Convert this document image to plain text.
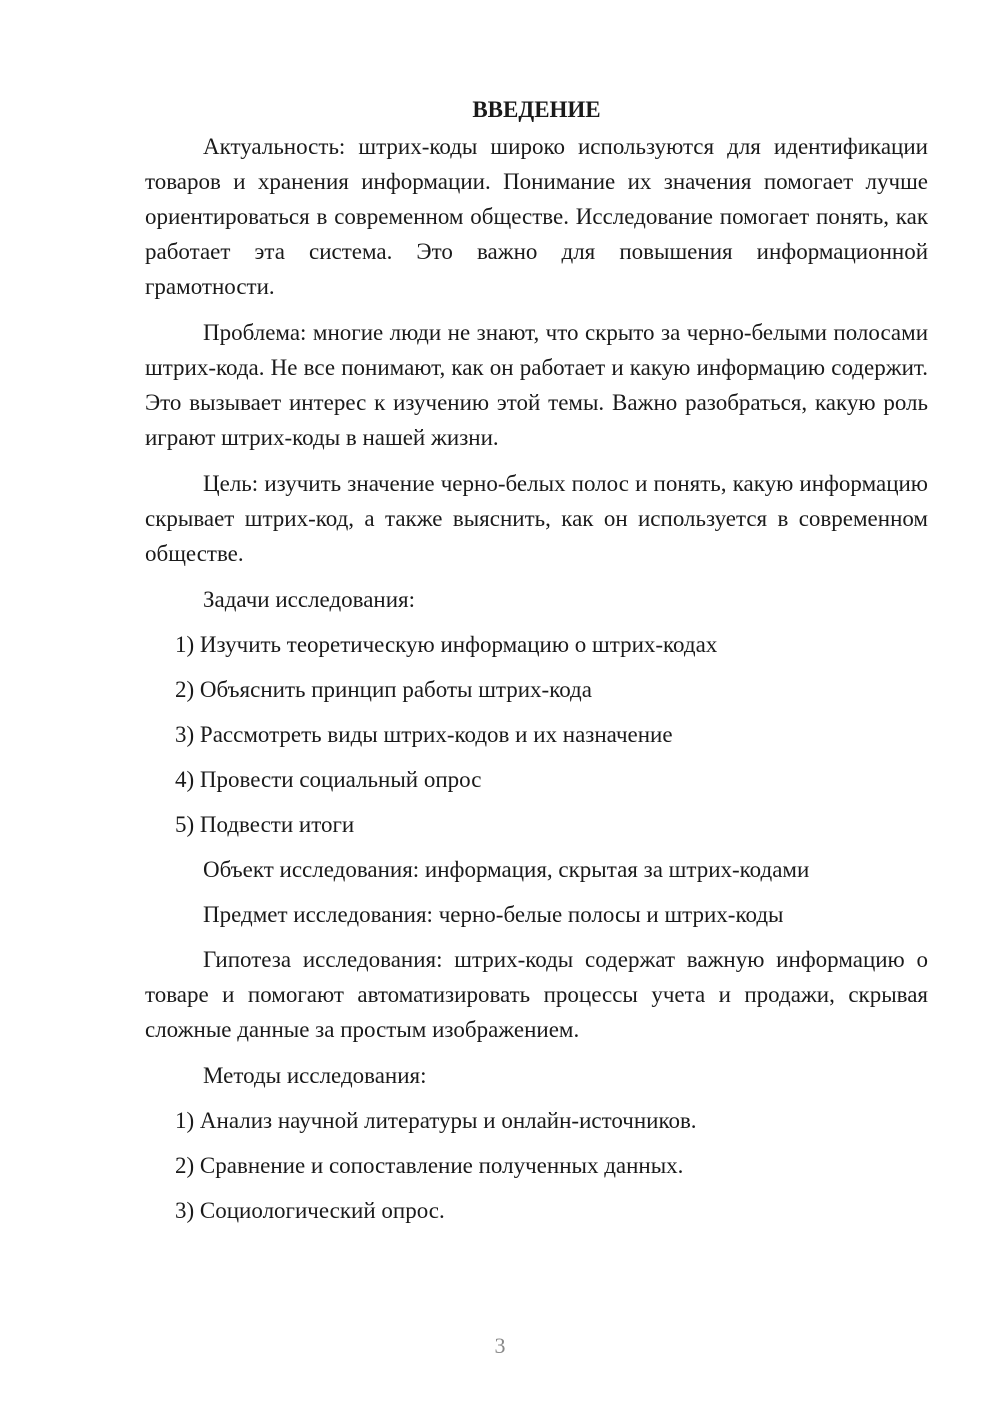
ВВЕДЕНИЕ

Актуальность: штрих-коды широко используются для идентификации товаров и хранения информации. Понимание их значения помогает лучше ориентироваться в современном обществе. Исследование помогает понять, как работает эта система. Это важно для повышения информационной грамотности.

Проблема: многие люди не знают, что скрыто за черно-белыми полосами штрих-кода. Не все понимают, как он работает и какую информацию содержит. Это вызывает интерес к изучению этой темы. Важно разобраться, какую роль играют штрих-коды в нашей жизни.

Цель: изучить значение черно-белых полос и понять, какую информацию скрывает штрих-код, а также выяснить, как он используется в современном обществе.

Задачи исследования:
1) Изучить теоретическую информацию о штрих-кодах
2) Объяснить принцип работы штрих-кода
3) Рассмотреть виды штрих-кодов и их назначение
4) Провести социальный опрос
5) Подвести итоги
Объект исследования: информация, скрытая за штрих-кодами
Предмет исследования: черно-белые полосы и штрих-коды

Гипотеза исследования: штрих-коды содержат важную информацию о товаре и помогают автоматизировать процессы учета и продажи, скрывая сложные данные за простым изображением.

Методы исследования:
1) Анализ научной литературы и онлайн-источников.
2) Сравнение и сопоставление полученных данных.
3) Социологический опрос.
3
